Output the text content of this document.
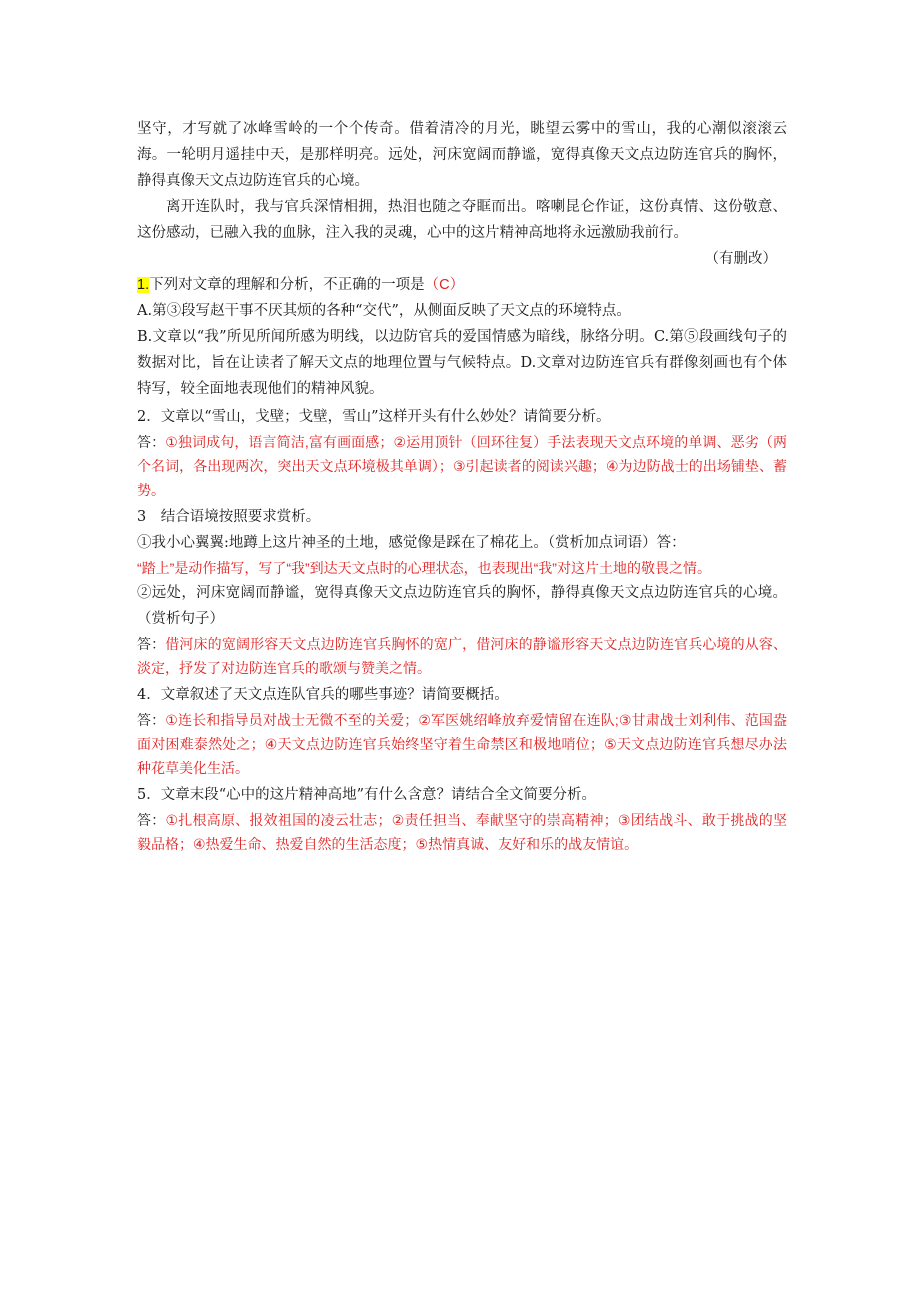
坚守，才写就了冰峰雪岭的一个个传奇。借着清冷的月光，眺望云雾中的雪山，我的心潮似滚滚云海。一轮明月遥挂中天，是那样明亮。远处，河床宽阔而静谧，宽得真像天文点边防连官兵的胸怀，静得真像天文点边防连官兵的心境。

离开连队时，我与官兵深情相拥，热泪也随之夺眶而出。喀喇昆仑作证，这份真情、这份敬意、这份感动，已融入我的血脉，注入我的灵魂，心中的这片精神高地将永远激励我前行。

（有删改）

1.下列对文章的理解和分析，不正确的一项是（C）

A.第③段写赵干事不厌其烦的各种“交代”，从侧面反映了天文点的环境特点。

B.文章以“我”所见所闻所感为明线，以边防官兵的爱国情感为暗线，脉络分明。C.第⑤段画线句子的数据对比，旨在让读者了解天文点的地理位置与气候特点。D.文章对边防连官兵有群像刻画也有个体特写，较全面地表现他们的精神风貌。

2．文章以“雪山，戈壁；戈壁，雪山”这样开头有什么妙处？请简要分析。

答：①独词成句，语言简洁,富有画面感；②运用顶针（回环往复）手法表现天文点环境的单调、恶劣（两个名词，各出现两次，突出天文点环境极其单调）；③引起读者的阅读兴趣；④为边防战士的出场铺垫、蓄势。

3　结合语境按照要求赏析。

①我小心翼翼:地蹲上这片神圣的土地，感觉像是踩在了棉花上。（赏析加点词语）答：

“踏上”是动作描写，写了“我”到达天文点时的心理状态，也表现出“我”对这片土地的敬畏之情。

②远处，河床宽阔而静谧，宽得真像天文点边防连官兵的胸怀，静得真像天文点边防连官兵的心境。（赏析句子）

答：借河床的宽阔形容天文点边防连官兵胸怀的宽广，借河床的静谧形容天文点边防连官兵心境的从容、淡定，抒发了对边防连官兵的歌颂与赞美之情。

4．文章叙述了天文点连队官兵的哪些事迹？请简要概括。

答：①连长和指导员对战士无微不至的关爱；②军医姚绍峰放弃爱情留在连队;③甘肃战士刘利伟、范国盎面对困难泰然处之；④天文点边防连官兵始终坚守着生命禁区和极地哨位；⑤天文点边防连官兵想尽办法种花草美化生活。

5．文章末段“心中的这片精神高地”有什么含意？请结合全文简要分析。

答：①扎根高原、报效祖国的凌云壮志；②责任担当、奉献坚守的崇高精神；③团结战斗、敢于挑战的坚毅品格；④热爱生命、热爱自然的生活态度；⑤热情真诚、友好和乐的战友情谊。
